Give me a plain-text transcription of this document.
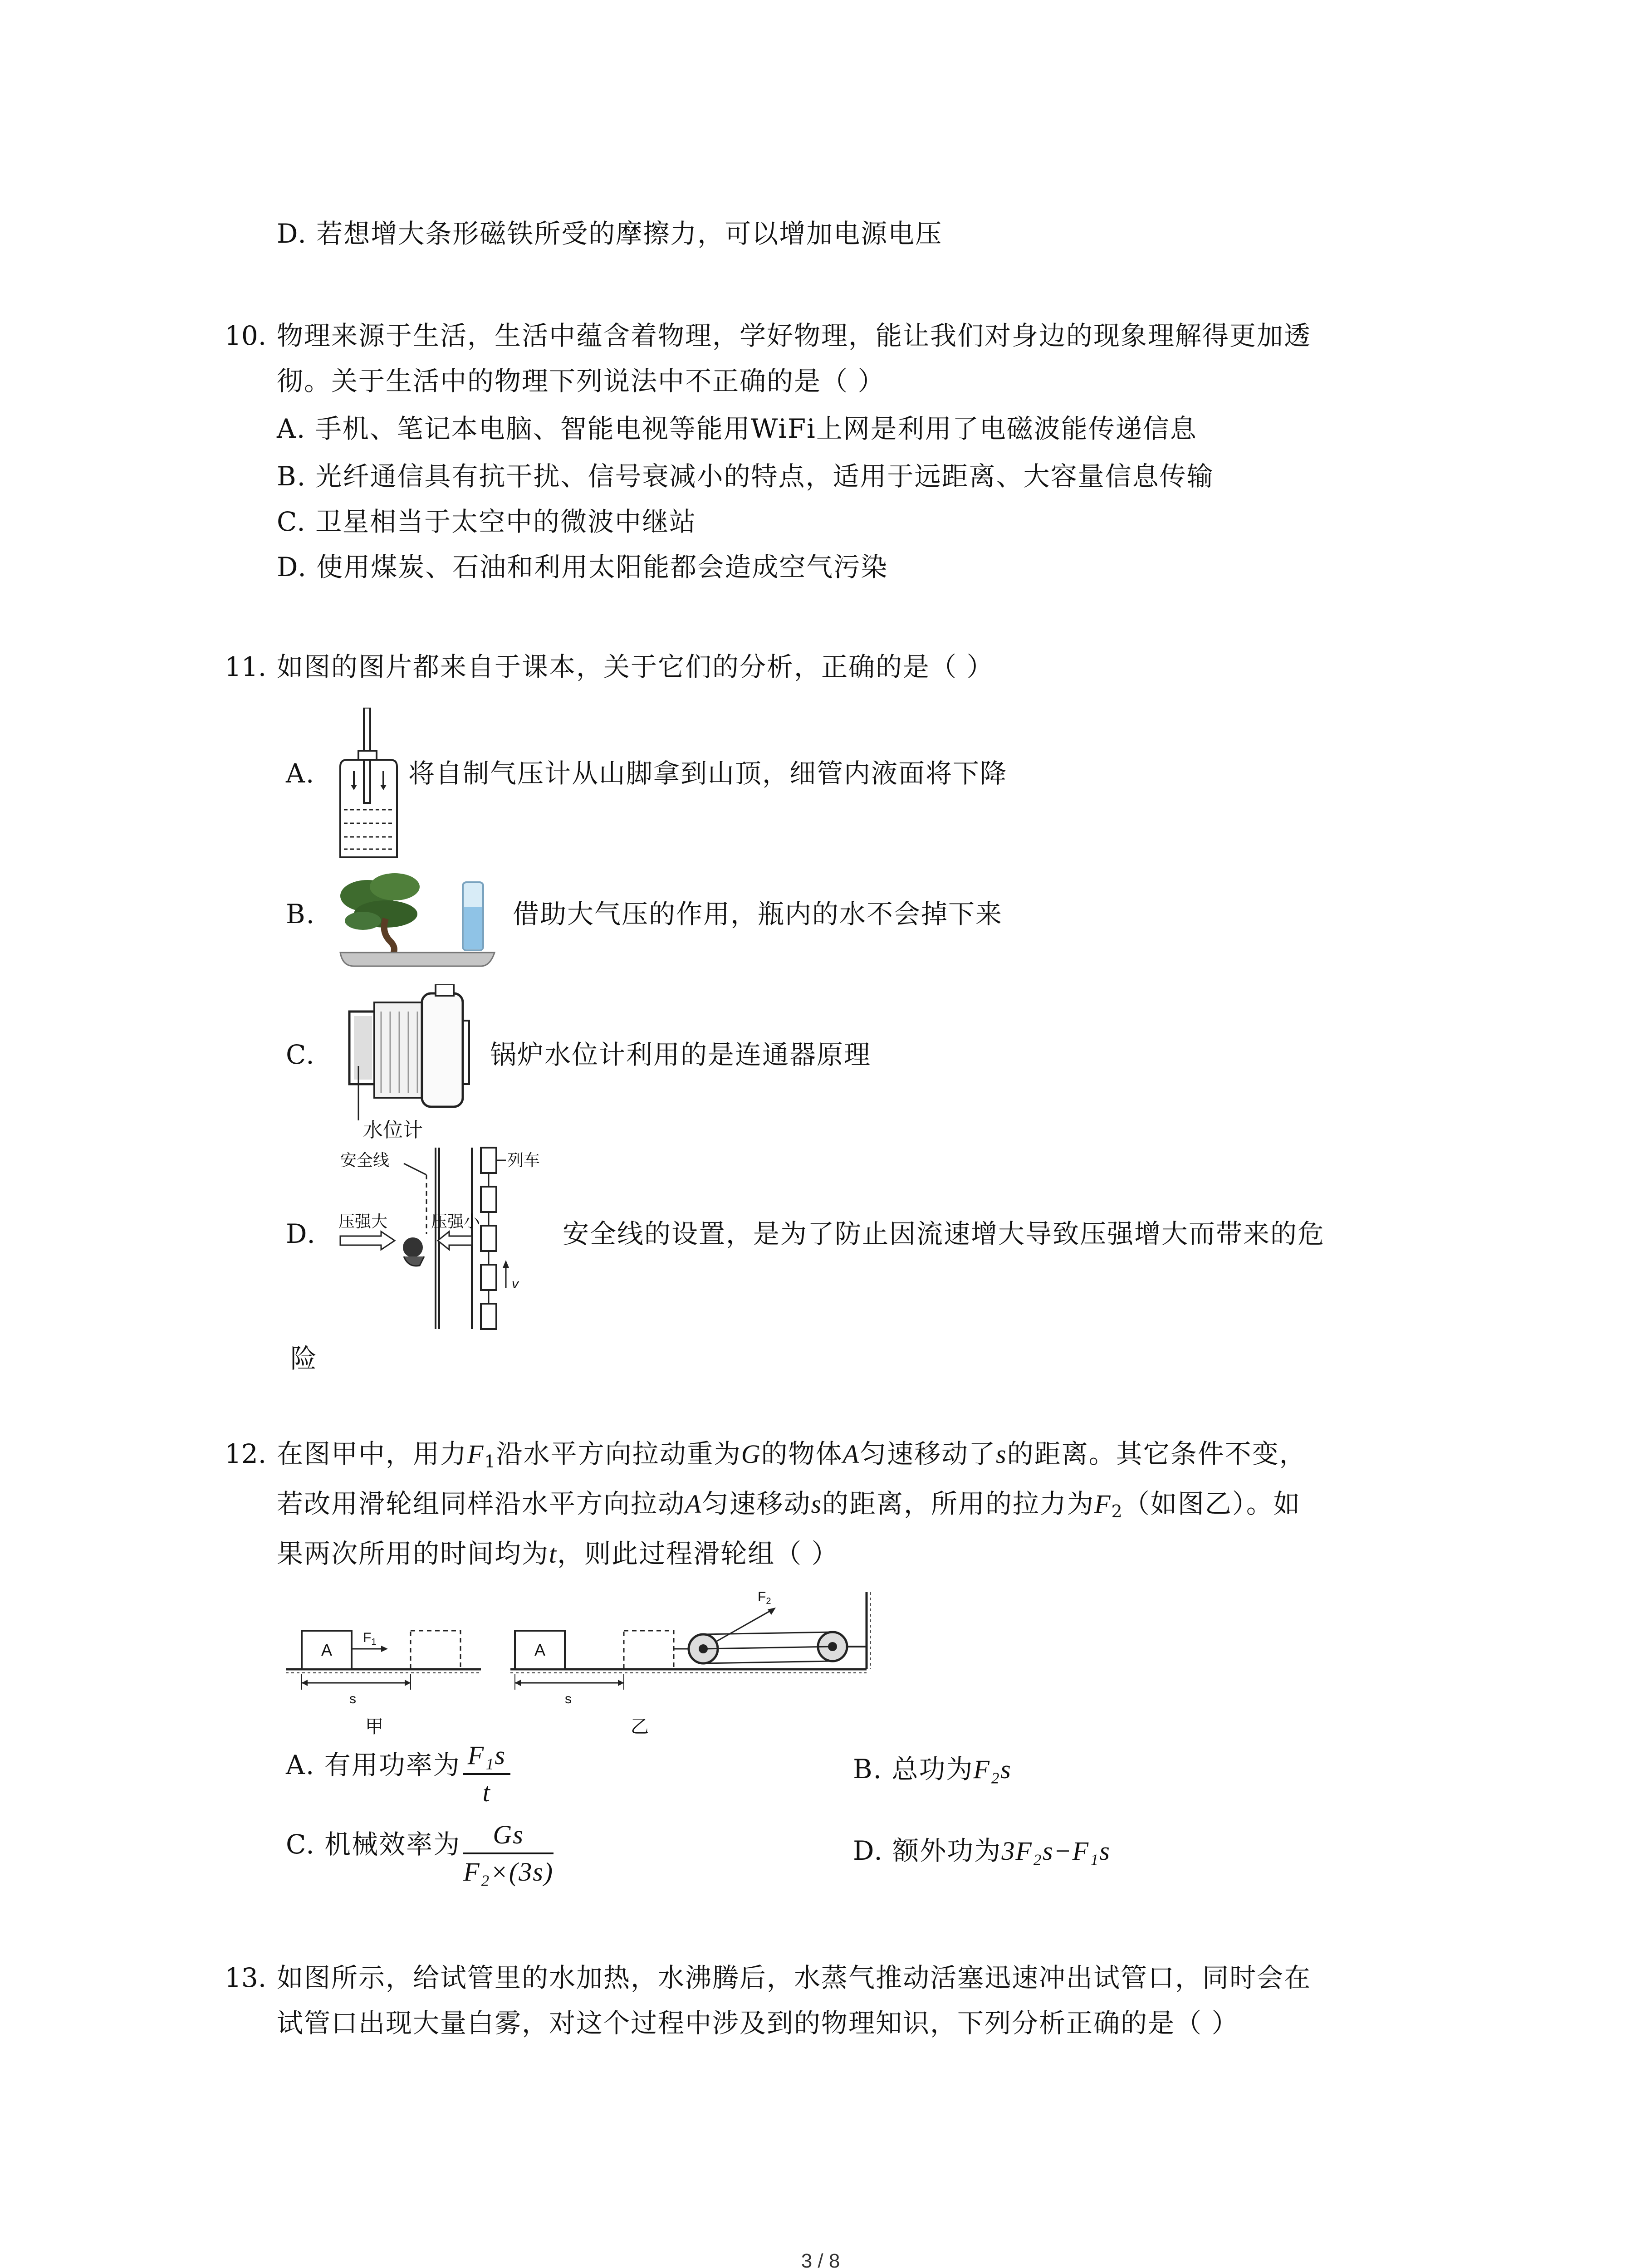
D. 若想增大条形磁铁所受的摩擦力，可以增加电源电压
10. 物理来源于生活，生活中蕴含着物理，学好物理，能让我们对身边的现象理解得更加透
彻。关于生活中的物理下列说法中不正确的是（ ）
A. 手机、笔记本电脑、智能电视等能用WiFi上网是利用了电磁波能传递信息
B. 光纤通信具有抗干扰、信号衰减小的特点，适用于远距离、大容量信息传输
C. 卫星相当于太空中的微波中继站
D. 使用煤炭、石油和利用太阳能都会造成空气污染
11. 如图的图片都来自于课本，关于它们的分析，正确的是（ ）
A.	将自制气压计从山脚拿到山顶，细管内液面将下降
B.	借助大气压的作用，瓶内的水不会掉下来
C.	锅炉水位计利用的是连通器原理
水位计
D.
列车
安全线
压强大	压强小
v
安全线的设置，是为了防止因流速增大导致压强增大而带来的危
险
12. 在图甲中，用力$F_1$沿水平方向拉动重为G的物体A匀速移动了s的距离。其它条件不变，
若改用滑轮组同样沿水平方向拉动A匀速移动s的距离，所用的拉力为$F_2$（如图乙）。如
果两次所用的时间均为t，则此过程滑轮组（ ）
A
$F_1$
s
甲
A
$F_2$
s
乙
A. 有用功率为 $\frac{\text{F₁s}}{t}$	B. 总功为F₂s
C. 机械效率为 $\frac{Gs}{\text{F₂×(3s)}}$	D. 额外功为3F₂s−F₁s
13. 如图所示，给试管里的水加热，水沸腾后，水蒸气推动活塞迅速冲出试管口，同时会在
试管口出现大量白雾，对这个过程中涉及到的物理知识，下列分析正确的是（ ）
3 / 8
